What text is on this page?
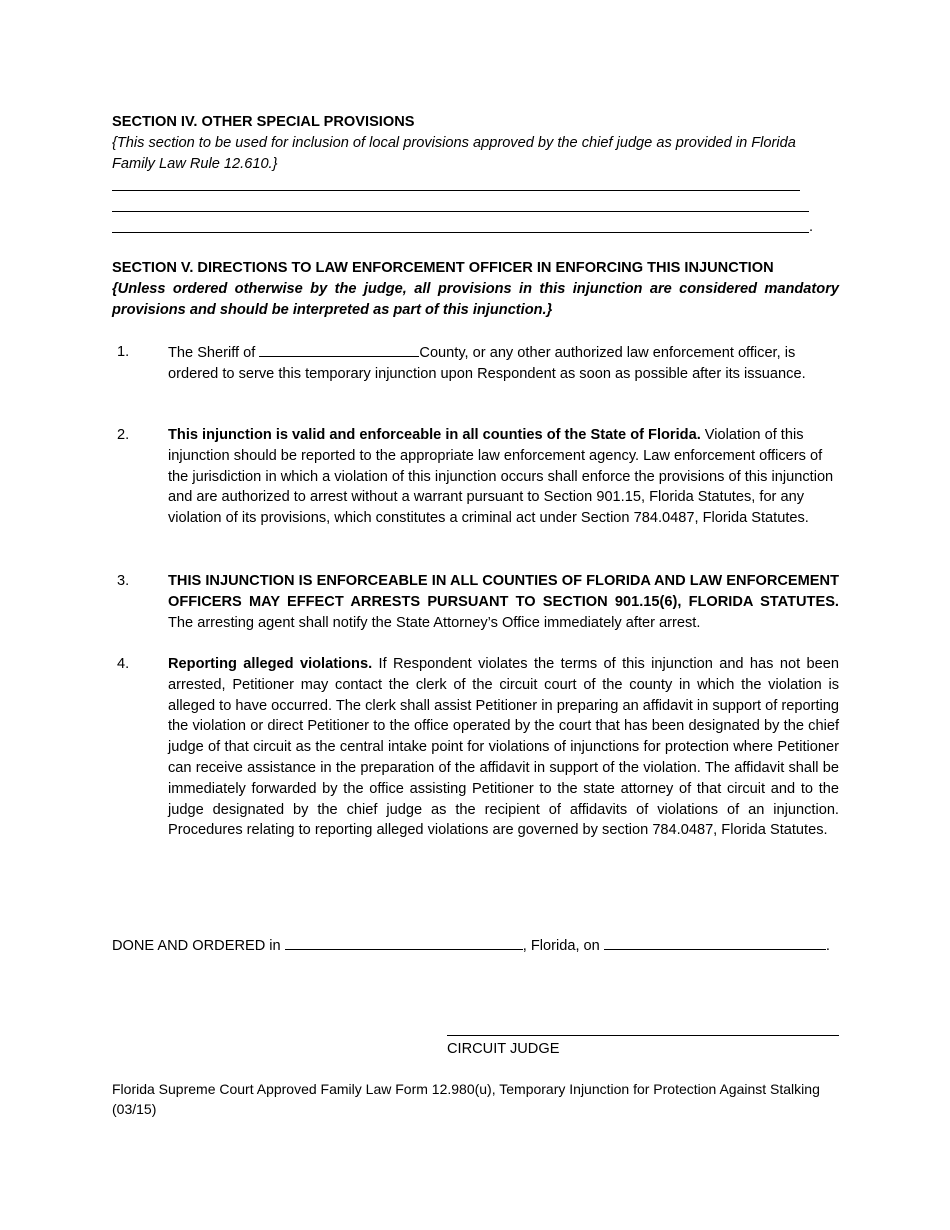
SECTION IV. OTHER SPECIAL PROVISIONS
{This section to be used for inclusion of local provisions approved by the chief judge as provided in Florida Family Law Rule 12.610.}
.
SECTION V. DIRECTIONS TO LAW ENFORCEMENT OFFICER IN ENFORCING THIS INJUNCTION
{Unless ordered otherwise by the judge, all provisions in this injunction are considered mandatory provisions and should be interpreted as part of this injunction.}
1.	The Sheriff of	County, or any other authorized law enforcement officer, is ordered to serve this temporary injunction upon Respondent as soon as possible after its issuance.
2.	This injunction is valid and enforceable in all counties of the State of Florida. Violation of this injunction should be reported to the appropriate law enforcement agency. Law enforcement officers of the jurisdiction in which a violation of this injunction occurs shall enforce the provisions of this injunction and are authorized to arrest without a warrant pursuant to Section 901.15, Florida Statutes, for any violation of its provisions, which constitutes a criminal act under Section 784.0487, Florida Statutes.
3.	THIS INJUNCTION IS ENFORCEABLE IN ALL COUNTIES OF FLORIDA AND LAW ENFORCEMENT OFFICERS MAY EFFECT ARRESTS PURSUANT TO SECTION 901.15(6), FLORIDA STATUTES. The arresting agent shall notify the State Attorney’s Office immediately after arrest.
4.	Reporting alleged violations. If Respondent violates the terms of this injunction and has not been arrested, Petitioner may contact the clerk of the circuit court of the county in which the violation is alleged to have occurred. The clerk shall assist Petitioner in preparing an affidavit in support of reporting the violation or direct Petitioner to the office operated by the court that has been designated by the chief judge of that circuit as the central intake point for violations of injunctions for protection where Petitioner can receive assistance in the preparation of the affidavit in support of the violation. The affidavit shall be immediately forwarded by the office assisting Petitioner to the state attorney of that circuit and to the judge designated by the chief judge as the recipient of affidavits of violations of an injunction. Procedures relating to reporting alleged violations are governed by section 784.0487, Florida Statutes.
DONE AND ORDERED in	, Florida, on	.
CIRCUIT JUDGE
Florida Supreme Court Approved Family Law Form 12.980(u), Temporary Injunction for Protection Against Stalking (03/15)
